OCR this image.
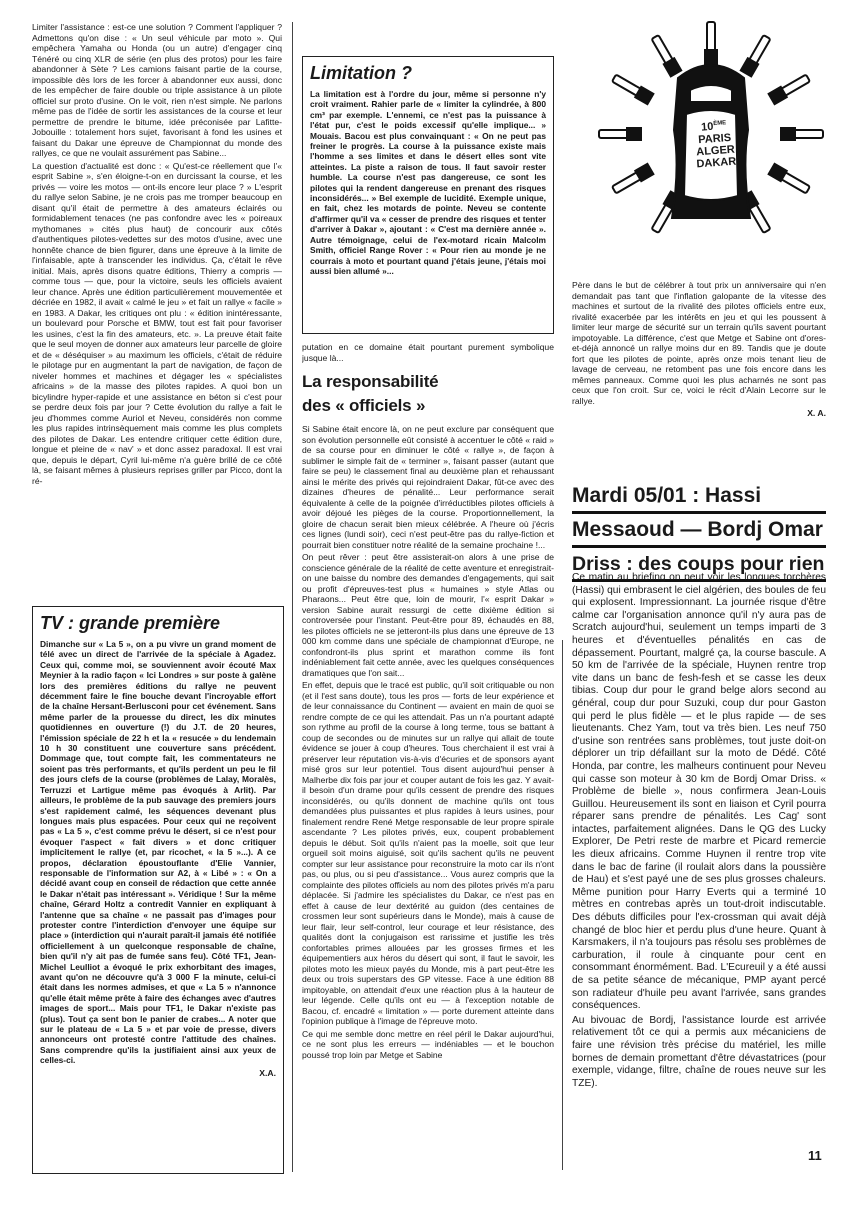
Limiter l'assistance : est-ce une solution ? Comment l'appliquer ? Admettons qu'on dise : « Un seul véhicule par moto ». Qui empêchera Yamaha ou Honda (ou un autre) d'engager cinq Ténéré ou cinq XLR de série (en plus des protos) pour les faire abandonner à Sète ? Les camions faisant partie de la course, impossible dès lors de les forcer à abandonner eux aussi, donc de les empêcher de faire double ou triple assistance à un pilote officiel sur proto d'usine. On le voit, rien n'est simple. Ne parlons même pas de l'idée de sortir les assistances de la course et leur permettre de prendre le bitume, idée préconisée par Lafitte-Jobouille : totalement hors sujet, favorisant à fond les usines et faisant du Dakar une épreuve de Championnat du monde des rallyes, ce que ne voulait assurément pas Sabine...

La question d'actualité est donc : « Qu'est-ce réellement que l'« esprit Sabine », s'en éloigne-t-on en durcissant la course, et les privés — voire les motos — ont-ils encore leur place ? » L'esprit du rallye selon Sabine, je ne crois pas me tromper beaucoup en disant qu'il était de permettre à des amateurs éclairés ou formidablement tenaces (ne pas confondre avec les « poireaux mythomanes » cités plus haut) de concourir aux côtés d'authentiques pilotes-vedettes sur des motos d'usine, avec une honnête chance de bien figurer, dans une épreuve à la limite de l'infaisable, apte à transcender les individus. Ça, c'était le rêve initial. Mais, après disons quatre éditions, Thierry a compris — comme tous — que, pour la victoire, seuls les officiels avaient leur chance. Après une édition particulièrement mouvementée et décriée en 1982, il avait « calmé le jeu » et fait un rallye « facile » en 1983. A Dakar, les critiques ont plu : « édition inintéressante, un boulevard pour Porsche et BMW, tout est fait pour favoriser les usines, c'est la fin des amateurs, etc. ». La preuve était faite que le seul moyen de donner aux amateurs leur parcelle de gloire et de « déséquiser » au maximum les officiels, c'était de réduire le pilotage pur en augmentant la part de navigation, de façon de niveler hommes et machines et dégager les « spécialistes africains » de la masse des pilotes rapides. A quoi bon un bicylindre hyper-rapide et une assistance en béton si c'est pour se perdre deux fois par jour ? Cette évolution du rallye a fait le jeu d'hommes comme Auriol et Neveu, considérés non comme les plus rapides intrinsèquement mais comme les plus complets des pilotes de Dakar. Les entendre critiquer cette édition dure, longue et pleine de « nav' » et donc assez paradoxal. Il est vrai que, depuis le départ, Cyril lui-même n'a guère brillé de ce côté là, se faisant mêmes à plusieurs reprises griller par Picco, dont la ré-

TV : grande première
Dimanche sur « La 5 », on a pu vivre un grand moment de télé avec un direct de l'arrivée de la spéciale à Agadez. Ceux qui, comme moi, se souviennent avoir écouté Max Meynier à la radio façon « Ici Londres » sur poste à galène lors des premières éditions du rallye ne peuvent décemment faire le fine bouche devant l'incroyable effort de la chaîne Hersant-Berlusconi pour cet événement. Sans même parler de la prouesse du direct, les dix minutes quotidiennes en ouverture (!) du J.T. de 20 heures, l'émission spéciale de 22 h et la « resucée » du lendemain 10 h 30 constituent une couverture sans précédent. Dommage que, tout compte fait, les commentateurs ne soient pas très performants, et qu'ils perdent un peu le fil des jours clefs de la course (problèmes de Lalay, Moralès, Terruzzi et Lartigue même pas évoqués à Arlit). Par ailleurs, le problème de la pub sauvage des premiers jours s'est rapidement calmé, les séquences devenant plus longues mais plus espacées. Pour ceux qui ne reçoivent pas « La 5 », c'est comme prévu le désert, si ce n'est pour évoquer l'aspect « fait divers » et donc critiquer implicitement le rallye (et, par ricochet, « la 5 »...). A ce propos, déclaration époustouflante d'Elie Vannier, responsable de l'information sur A2, à « Libé » : « On a décidé avant coup en conseil de rédaction que cette année le Dakar n'était pas intéressant ». Véridique ! Sur la même chaîne, Gérard Holtz a contredit Vannier en expliquant à l'antenne que sa chaîne « ne passait pas d'images pour protester contre l'interdiction d'envoyer une équipe sur place » (interdiction qui n'aurait paraît-il jamais été notifiée officiellement à un quelconque responsable de chaîne, bien qu'il n'y ait pas de fumée sans feu). Côté TF1, Jean-Michel Leulliot a évoqué le prix exhorbitant des images, avant qu'on ne découvre qu'à 3 000 F la minute, celui-ci était dans les normes admises, et que « La 5 » n'annonce qu'elle était même prête à faire des échanges avec d'autres images de sport... Mais pour TF1, le Dakar n'existe pas (plus). Tout ça sent bon le panier de crabes... A noter que sur le plateau de « La 5 » et par voie de presse, divers annonceurs ont protesté contre l'attitude des chaînes. Sans comprendre qu'ils la justifiaient ainsi aux yeux de celles-ci.
X.A.
Limitation ?
La limitation est à l'ordre du jour, même si personne n'y croit vraiment. Rahier parle de « limiter la cylindrée, à 800 cm³ par exemple. L'ennemi, ce n'est pas la puissance à l'état pur, c'est le poids excessif qu'elle implique... » Mouais. Bacou est plus convainquant : « On ne peut pas freiner le progrès. La course à la puissance existe mais l'homme a ses limites et dans le désert elles sont vite atteintes. La piste a raison de tous. Il faut savoir rester humble. La course n'est pas dangereuse, ce sont les pilotes qui la rendent dangereuse en prenant des risques inconsidérés... » Bel exemple de lucidité. Exemple unique, en fait, chez les motards de pointe. Neveu se contente d'affirmer qu'il va « cesser de prendre des risques et tenter d'arriver à Dakar », ajoutant : « C'est ma dernière année ». Autre témoignage, celui de l'ex-motard ricain Malcolm Smith, officiel Range Rover : « Pour rien au monde je ne courrais à moto et pourtant quand j'étais jeune, j'étais moi aussi bien allumé »...

putation en ce domaine était pourtant purement symbolique jusque là...

La responsabilité
des « officiels »

Si Sabine était encore là, on ne peut exclure par conséquent que son évolution personnelle eût consisté à accentuer le côté « raid » de sa course pour en diminuer le côté « rallye », de façon à sublimer le simple fait de « terminer », faisant passer (autant que faire se peu) le classement final au deuxième plan et rehaussant ainsi le mérite des privés qui rejoindraient Dakar, fût-ce avec des dizaines d'heures de pénalité... Leur performance serait équivalente à celle de la poignée d'irréductibles pilotes officiels à avoir déjoué les pièges de la course. Proportionnellement, la gloire de chacun serait bien mieux célébrée. A l'heure où j'écris ces lignes (lundi soir), ceci n'est peut-être pas du rallye-fiction et pourrait bien constituer notre réalité de la semaine prochaine !...

On peut rêver : peut être assisterait-on alors à une prise de conscience générale de la réalité de cette aventure et enregistrait-on une baisse du nombre des demandes d'engagements, qui sait ou profit d'épreuves-test plus « humaines » style Atlas ou Pharaons... Peut être que, loin de mourir, l'« esprit Dakar » version Sabine aurait ressurgi de cette dixième édition si controversée pour l'instant. Peut-être pour 89, échaudés en 88, les pilotes officiels ne se jetteront-ils plus dans une épreuve de 13 000 km comme dans une spéciale de championnat d'Europe, ne confondront-ils plus sprint et marathon comme ils font indéniablement fait cette année, avec les quelques conséquences dramatiques que l'on sait...

En effet, depuis que le tracé est public, qu'il soit critiquable ou non (et il l'est sans doute), tous les pros — forts de leur expérience et de leur connaissance du Continent — avaient en main de quoi se rendre compte de ce qui les attendait. Pas un n'a pourtant adapté son rythme au profil de la course à long terme, tous se battant à coup de secondes ou de minutes sur un rallye qui allait de toute évidence se jouer à coup d'heures. Tous cherchaient il est vrai à préserver leur réputation vis-à-vis d'écuries et de sponsors ayant misé gros sur leur potentiel. Tous disent aujourd'hui penser à Malherbe dix fois par jour et couper autant de fois les gaz. Y avait-il besoin d'un drame pour qu'ils cessent de prendre des risques inconsidérés, ou qu'ils donnent de machine qu'ils ont tous demandées plus puissantes et plus rapides à leurs usines, pour finalement rendre René Metge responsable de leur propre spirale ascendante ? Les pilotes privés, eux, coupent probablement depuis le début. Soit qu'ils n'aient pas la moelle, soit que leur orgueil soit moins aiguisé, soit qu'ils sachent qu'ils ne peuvent compter sur leur assistance pour reconstruire la moto car ils n'ont pas, ou plus, ou si peu d'assistance... Vous aurez compris que la complainte des pilotes officiels au nom des pilotes privés m'a paru déplacée. Si j'admire les spécialistes du Dakar, ce n'est pas en effet à cause de leur dextérité au guidon (des centaines de crossmen leur sont supérieurs dans le Monde), mais à cause de leur flair, leur self-control, leur courage et leur résistance, des qualités dont la conjugaison est rarissime et justifie les très confortables primes allouées par les grosses firmes et les équipementiers aux héros du désert qui sont, il faut le savoir, les pilotes moto les mieux payés du Monde, mis à part peut-être les deux ou trois superstars des GP vitesse. Face à une édition 88 impitoyable, on attendait d'eux une réaction plus à la hauteur de leur légende. Celle qu'ils ont eu — à l'exception notable de Bacou, cf. encadré « limitation » — porte durement atteinte dans l'opinion publique à l'image de l'épreuve moto.

Ce qui me semble donc mettre en réel péril le Dakar aujourd'hui, ce ne sont plus les erreurs — indéniables — et le bouchon poussé trop loin par Metge et Sabine

10ÈME
PARIS
ALGER
DAKAR

Père dans le but de célébrer à tout prix un anniversaire qui n'en demandait pas tant que l'inflation galopante de la vitesse des machines et surtout de la rivalité des pilotes officiels entre eux, rivalité exacerbée par les intérêts en jeu et qui les poussent à limiter leur marge de sécurité sur un terrain qu'ils savent pourtant impotoyable. La différence, c'est que Metge et Sabine ont d'ores-et-déjà annoncé un rallye moins dur en 89. Tandis que je doute fort que les pilotes de pointe, après onze mois tenant lieu de lavage de cerveau, ne retombent pas une fois encore dans les mêmes panneaux. Comme quoi les plus acharnés ne sont pas ceux que l'on croit. Sur ce, voici le récit d'Alain Lecorre sur le rallye.

X. A.
Mardi 05/01 : Hassi
Messaoud — Bordj Omar
Driss : des coups pour rien

Ce matin au briefing on peut voir les longues torchères (Hassi) qui embrasent le ciel algérien, des boules de feu qui explosent. Impressionnant. La journée risque d'être calme car l'organisation annonce qu'il n'y aura pas de Scratch aujourd'hui, seulement un temps imparti de 3 heures et d'éventuelles pénalités en cas de dépassement. Pourtant, malgré ça, la course bascule. A 50 km de l'arrivée de la spéciale, Huynen rentre trop vite dans un banc de fesh-fesh et se casse les deux tibias. Coup dur pour le grand belge alors second au général, coup dur pour Suzuki, coup dur pour Gaston qui perd le plus fidèle — et le plus rapide — de ses lieutenants. Chez Yam, tout va très bien. Les neuf 750 d'usine son rentrées sans problèmes, tout juste doit-on déplorer un trip défaillant sur la moto de Dédé. Côté Honda, par contre, les malheurs continuent pour Neveu qui casse son moteur à 30 km de Bordj Omar Driss. « Problème de bielle », nous confirmera Jean-Louis Guillou. Heureusement ils sont en liaison et Cyril pourra réparer sans prendre de pénalités. Les Cag' sont intactes, parfaitement alignées. Dans le QG des Lucky Explorer, De Petri reste de marbre et Picard remercie les dieux africains. Comme Huynen il rentre trop vite dans le bac de farine (il roulait alors dans la poussière de Hau) et s'est payé une de ses plus grosses chaleurs. Même punition pour Harry Everts qui a terminé 10 mètres en contrebas après un tout-droit indiscutable. Des débuts difficiles pour l'ex-crossman qui avait déjà changé de bloc hier et perdu plus d'une heure. Quant à Karsmakers, il n'a toujours pas résolu ses problèmes de carburation, il roule à cinquante pour cent en consommant énormément. Bad. L'Ecureuil y a été aussi de sa petite séance de mécanique, PMP ayant percé son radiateur d'huile peu avant l'arrivée, sans grandes conséquences.

Au bivouac de Bordj, l'assistance lourde est arrivée relativement tôt ce qui a permis aux mécaniciens de faire une révision très précise du matériel, les mille bornes de demain promettant d'être dévastatrices (pour exemple, vidange, filtre, chaîne de roues neuve sur les TZE).

11
